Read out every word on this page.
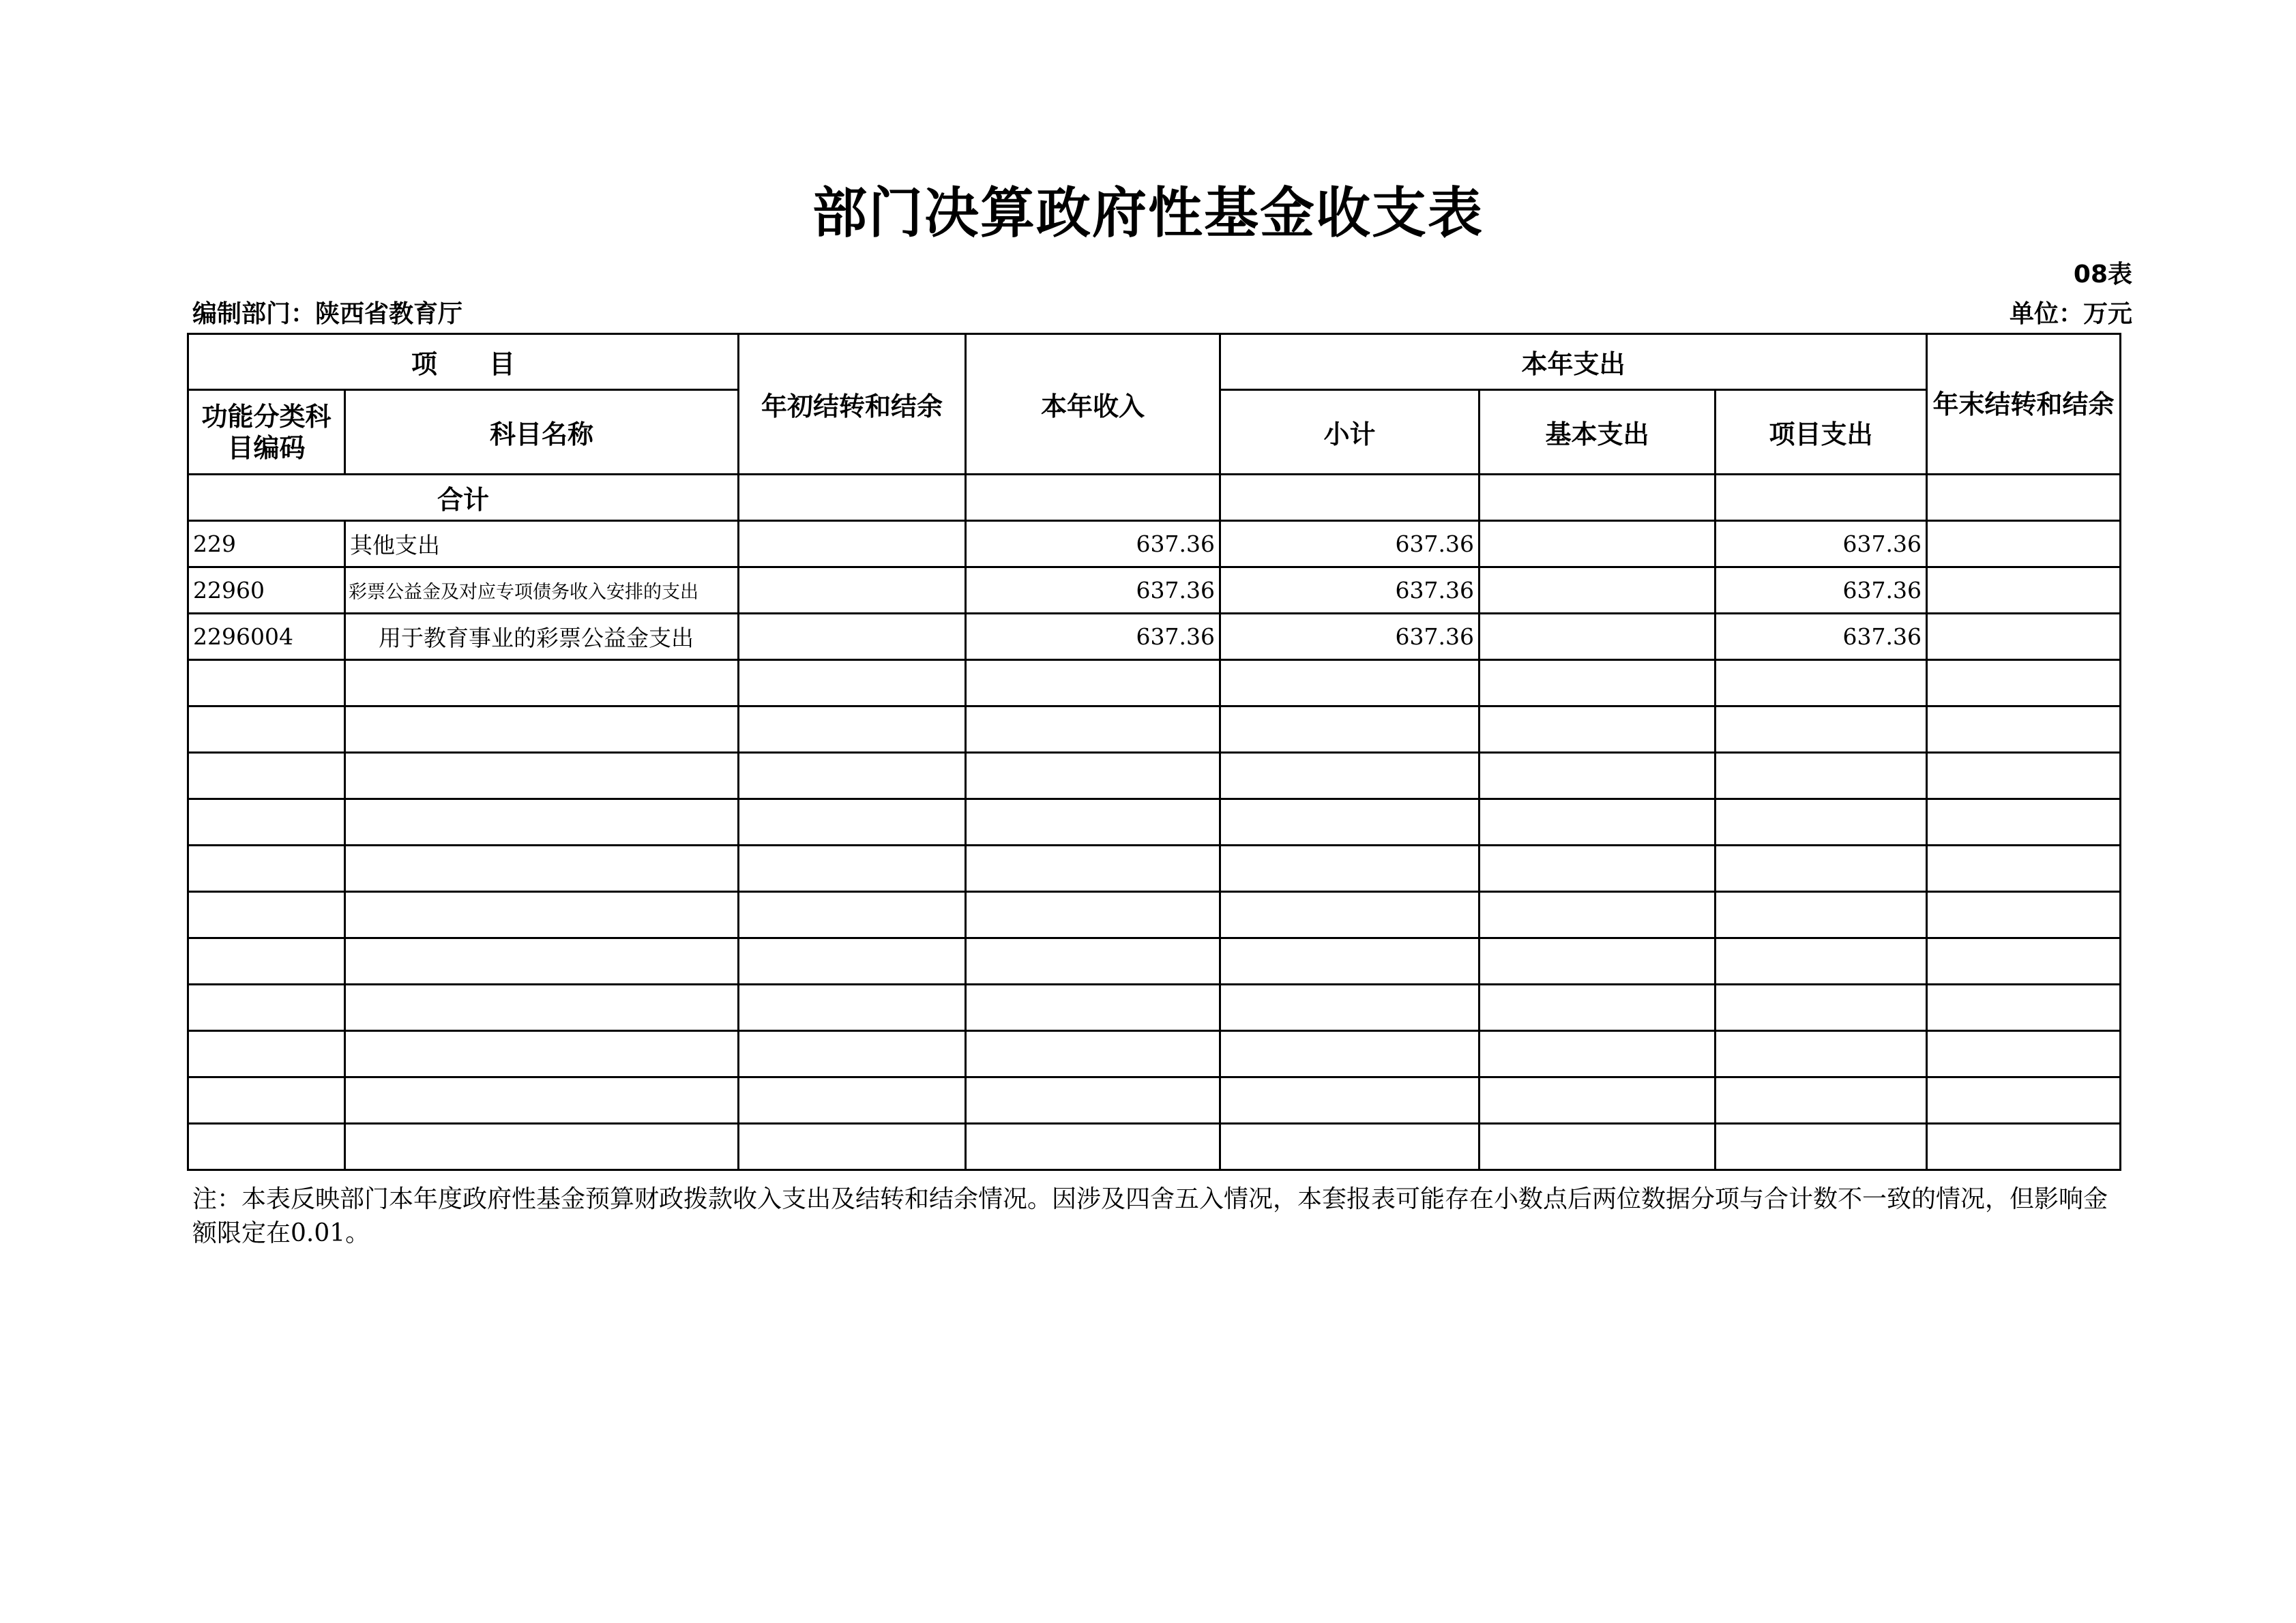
部门决算政府性基金收支表
08表
编制部门：陕西省教育厅	单位：万元
项　　目		年初结转和结余	本年收入	本年支出			年末结转和结余
功能分类科目编码	科目名称			小计	基本支出	项目支出	
合计							
229	其他支出		637.36	637.36		637.36	
22960	彩票公益金及对应专项债务收入安排的支出		637.36	637.36		637.36	
2296004	用于教育事业的彩票公益金支出		637.36	637.36		637.36	

注：本表反映部门本年度政府性基金预算财政拨款收入支出及结转和结余情况。因涉及四舍五入情况，本套报表可能存在小数点后两位数据分项与合计数不一致的情况，但影响金额限定在0.01。
